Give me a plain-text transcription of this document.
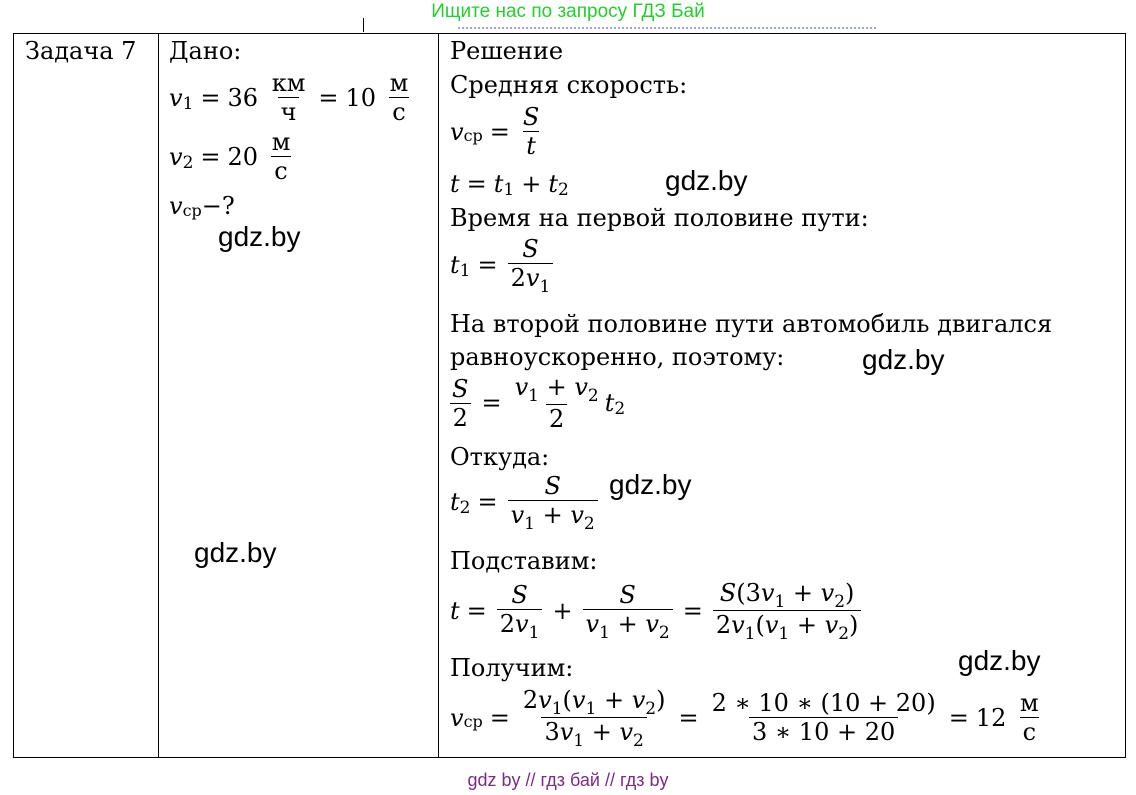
Ищите нас по запросу ГДЗ Бай
Задача 7 Дано:
v 1 = 36
$\frac{км}{ч} = 10$
$\frac{м}{с}$
v 2 = 20
$\frac{м}{с}$
v ср −?
Решение
Средняя скорость:
v ср = $\frac{S}{t}$
t = t 1 + t 2
Время на первой половине пути:
t $1 = \frac{S}{2v_1}$
На второй половине пути автомобиль двигался
равноускоренно, поэтому:
$\frac{S}{2} = \frac{v_1 + v_2}{2}$ t 2
Откуда:
t $2 = \frac{S}{v_1 + v_2}$
Подставим:
$t = \frac{S}{2v_1} + \frac{S}{v_1 + v_2} = \frac{S(3v_1 + v_2)}{2v_1(v_1 + v_2)}$
Получим:
v ср = $\frac{2v_1(v_1 + v_2)}{3v_1 + v_2} = \frac{2 ∗ 10 ∗ (10 + 20)}{3 ∗ 10 + 20} = 12$
$\frac{м}{с}$
gdz.by
gdz.by
gdz.by
gdz.by
gdz.by
gdz.by
gdz by // гдз бай // гдз by
